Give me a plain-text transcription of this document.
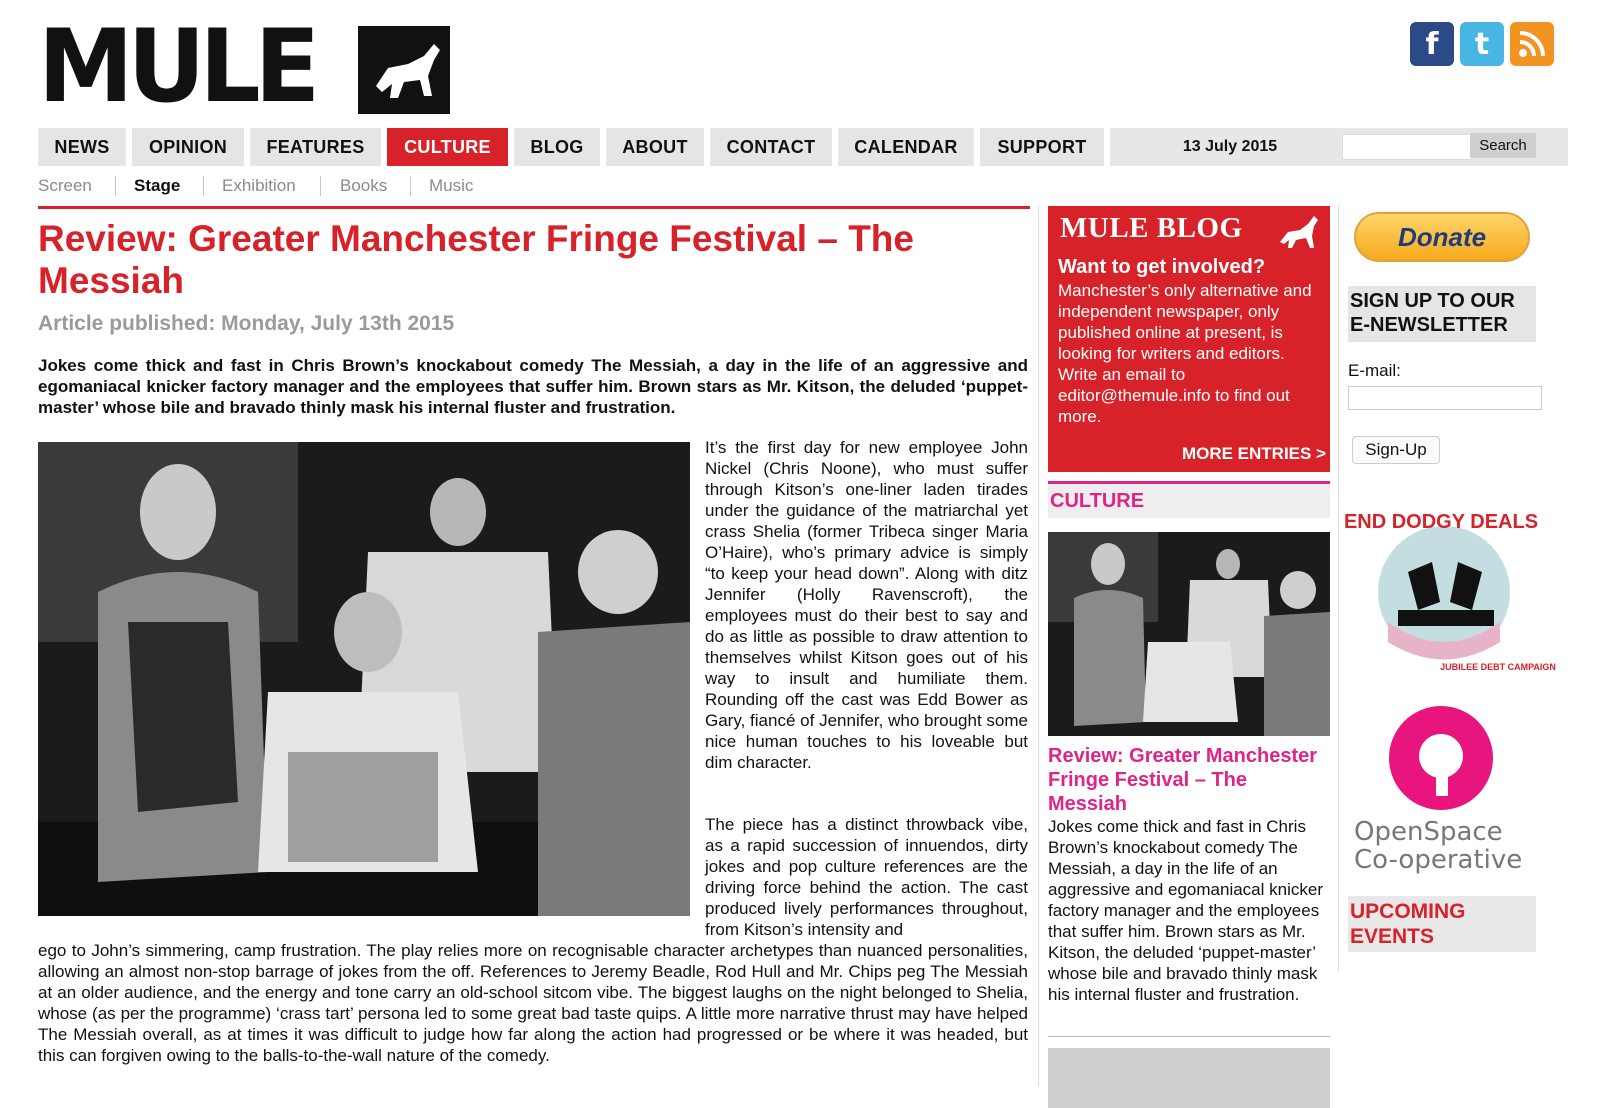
MULE	f	t
NEWS	OPINION	FEATURES	CULTURE	BLOG	ABOUT	CONTACT	CALENDAR	SUPPORT	13 July 2015	Search
Screen Stage Exhibition	Books Music
Review: Greater Manchester Fringe Festival – The Messiah
Article published: Monday, July 13th 2015

Jokes come thick and fast in Chris Brown’s knockabout comedy The Messiah, a day in the life of an aggressive and egomaniacal knicker factory manager and the employees that suffer him. Brown stars as Mr. Kitson, the deluded ‘puppet-master’ whose bile and bravado thinly mask his internal fluster and frustration.

It’s the first day for new employee John Nickel (Chris Noone), who must suffer through Kitson’s one-liner laden tirades under the guidance of the matriarchal yet crass Shelia (former Tribeca singer Maria O’Haire), who’s primary advice is simply “to keep your head down”. Along with ditz Jennifer (Holly Ravenscroft), the employees must do their best to say and do as little as possible to draw attention to themselves whilst Kitson goes out of his way to insult and humiliate them. Rounding off the cast was Edd Bower as Gary, fiancé of Jennifer, who brought some nice human touches to his loveable but dim character.

The piece has a distinct throwback vibe, as a rapid succession of innuendos, dirty jokes and pop culture references are the driving force behind the action. The cast produced lively performances throughout, from Kitson’s intensity and

ego to John’s simmering, camp frustration. The play relies more on recognisable character archetypes than nuanced personalities, allowing an almost non-stop barrage of jokes from the off. References to Jeremy Beadle, Rod Hull and Mr. Chips peg The Messiah at an older audience, and the energy and tone carry an old-school sitcom vibe. The biggest laughs on the night belonged to Shelia, whose (as per the programme) ‘crass tart’ persona led to some great bad taste quips. A little more narrative thrust may have helped The Messiah overall, as at times it was difficult to judge how far along the action had progressed or be where it was headed, but this can forgiven owing to the balls-to-the-wall nature of the comedy.

MULE BLOG
Want to get involved?
Manchester’s only alternative and independent newspaper, only published online at present, is looking for writers and editors. Write an email to editor@themule.info to find out more.
MORE ENTRIES >
CULTURE
Review: Greater Manchester Fringe Festival – The Messiah
Jokes come thick and fast in Chris Brown’s knockabout comedy The Messiah, a day in the life of an aggressive and egomaniacal knicker factory manager and the employees that suffer him. Brown stars as Mr. Kitson, the deluded ‘puppet-master’ whose bile and bravado thinly mask his internal fluster and frustration.
Donate
SIGN UP TO OUR E-NEWSLETTER
E-mail:
Sign-Up
END DODGY DEALS
JUBILEE DEBT CAMPAIGN
OpenSpace
Co-operative
UPCOMING EVENTS
